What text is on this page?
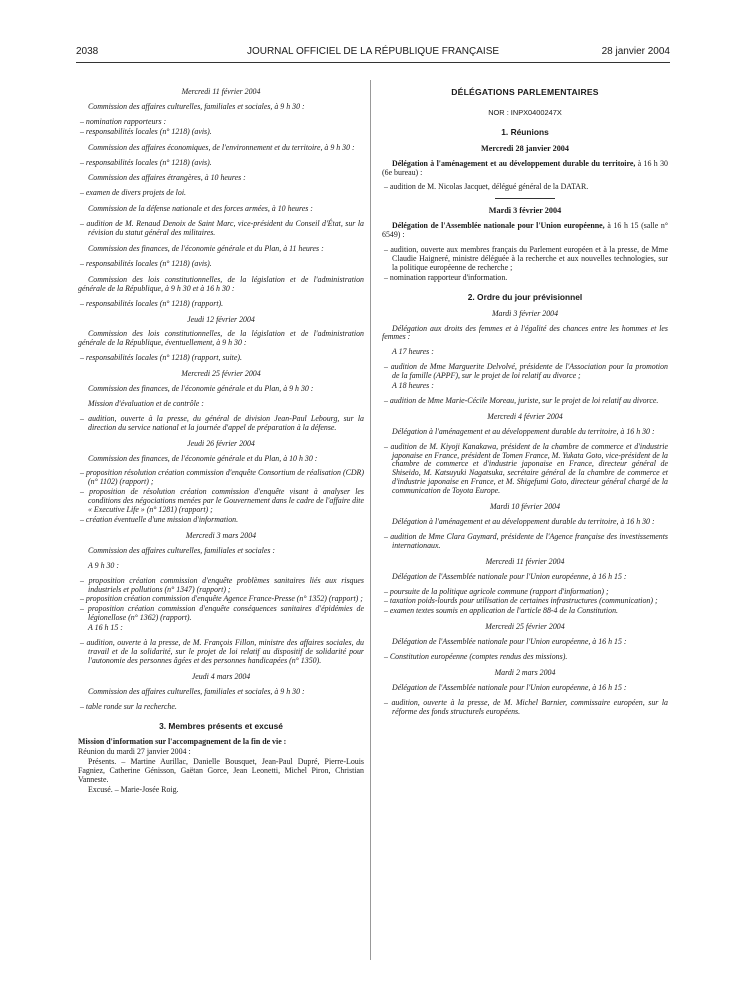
2038	JOURNAL OFFICIEL DE LA RÉPUBLIQUE FRANÇAISE	28 janvier 2004
Mercredi 11 février 2004
Commission des affaires culturelles, familiales et sociales, à 9 h 30 :
– nomination rapporteurs :
– responsabilités locales (n° 1218) (avis).
Commission des affaires économiques, de l'environnement et du territoire, à 9 h 30 :
– responsabilités locales (n° 1218) (avis).
Commission des affaires étrangères, à 10 heures :
– examen de divers projets de loi.
Commission de la défense nationale et des forces armées, à 10 heures :
– audition de M. Renaud Denoix de Saint Marc, vice-président du Conseil d'État, sur la révision du statut général des militaires.
Commission des finances, de l'économie générale et du Plan, à 11 heures :
– responsabilités locales (n° 1218) (avis).
Commission des lois constitutionnelles, de la législation et de l'administration générale de la République, à 9 h 30 et à 16 h 30 :
– responsabilités locales (n° 1218) (rapport).
Jeudi 12 février 2004
Commission des lois constitutionnelles, de la législation et de l'administration générale de la République, éventuellement, à 9 h 30 :
– responsabilités locales (n° 1218) (rapport, suite).
Mercredi 25 février 2004
Commission des finances, de l'économie générale et du Plan, à 9 h 30 :
Mission d'évaluation et de contrôle :
– audition, ouverte à la presse, du général de division Jean-Paul Lebourg, sur la direction du service national et la journée d'appel de préparation à la défense.
Jeudi 26 février 2004
Commission des finances, de l'économie générale et du Plan, à 10 h 30 :
– proposition résolution création commission d'enquête Consortium de réalisation (CDR) (n° 1102) (rapport) ;
– proposition de résolution création commission d'enquête visant à analyser les conditions des négociations menées par le Gouvernement dans le cadre de l'affaire dite « Executive Life » (n° 1281) (rapport) ;
– création éventuelle d'une mission d'information.
Mercredi 3 mars 2004
Commission des affaires culturelles, familiales et sociales :
A 9 h 30 :
– proposition création commission d'enquête problèmes sanitaires liés aux risques industriels et pollutions (n° 1347) (rapport) ;
– proposition création commission d'enquête Agence France-Presse (n° 1352) (rapport) ;
– proposition création commission d'enquête conséquences sanitaires d'épidémies de légionellose (n° 1362) (rapport).
A 16 h 15 :
– audition, ouverte à la presse, de M. François Fillon, ministre des affaires sociales, du travail et de la solidarité, sur le projet de loi relatif au dispositif de solidarité pour l'autonomie des personnes âgées et des personnes handicapées (n° 1350).
Jeudi 4 mars 2004
Commission des affaires culturelles, familiales et sociales, à 9 h 30 :
– table ronde sur la recherche.
3. Membres présents et excusé
Mission d'information sur l'accompagnement de la fin de vie :
Réunion du mardi 27 janvier 2004 :
Présents. – Martine Aurillac, Danielle Bousquet, Jean-Paul Dupré, Pierre-Louis Fagniez, Catherine Génisson, Gaëtan Gorce, Jean Leonetti, Michel Piron, Christian Vanneste.
Excusé. – Marie-Josée Roig.
DÉLÉGATIONS PARLEMENTAIRES
NOR : INPX0400247X
1. Réunions
Mercredi 28 janvier 2004
Délégation à l'aménagement et au développement durable du territoire, à 16 h 30 (6e bureau) :
– audition de M. Nicolas Jacquet, délégué général de la DATAR.
Mardi 3 février 2004
Délégation de l'Assemblée nationale pour l'Union européenne, à 16 h 15 (salle n° 6549) :
– audition, ouverte aux membres français du Parlement européen et à la presse, de Mme Claudie Haigneré, ministre déléguée à la recherche et aux nouvelles technologies, sur la politique européenne de recherche ;
– nomination rapporteur d'information.
2. Ordre du jour prévisionnel
Mardi 3 février 2004
Délégation aux droits des femmes et à l'égalité des chances entre les hommes et les femmes :
A 17 heures :
– audition de Mme Marguerite Delvolvé, présidente de l'Association pour la promotion de la famille (APPF), sur le projet de loi relatif au divorce ;
A 18 heures :
– audition de Mme Marie-Cécile Moreau, juriste, sur le projet de loi relatif au divorce.
Mercredi 4 février 2004
Délégation à l'aménagement et au développement durable du territoire, à 16 h 30 :
– audition de M. Kiyoji Kanakawa, président de la chambre de commerce et d'industrie japonaise en France, président de Tomen France, M. Yukata Goto, vice-président de la chambre de commerce et d'industrie japonaise en France, directeur général de Shiseido, M. Katsuyuki Nagatsuka, secrétaire général de la chambre de commerce et d'industrie japonaise en France, et M. Shigefumi Goto, directeur général chargé de la communication de Toyota Europe.
Mardi 10 février 2004
Délégation à l'aménagement et au développement durable du territoire, à 16 h 30 :
– audition de Mme Clara Gaymard, présidente de l'Agence française des investissements internationaux.
Mercredi 11 février 2004
Délégation de l'Assemblée nationale pour l'Union européenne, à 16 h 15 :
– poursuite de la politique agricole commune (rapport d'information) ;
– taxation poids-lourds pour utilisation de certaines infrastructures (communication) ;
– examen textes soumis en application de l'article 88-4 de la Constitution.
Mercredi 25 février 2004
Délégation de l'Assemblée nationale pour l'Union européenne, à 16 h 15 :
– Constitution européenne (comptes rendus des missions).
Mardi 2 mars 2004
Délégation de l'Assemblée nationale pour l'Union européenne, à 16 h 15 :
– audition, ouverte à la presse, de M. Michel Barnier, commissaire européen, sur la réforme des fonds structurels européens.
